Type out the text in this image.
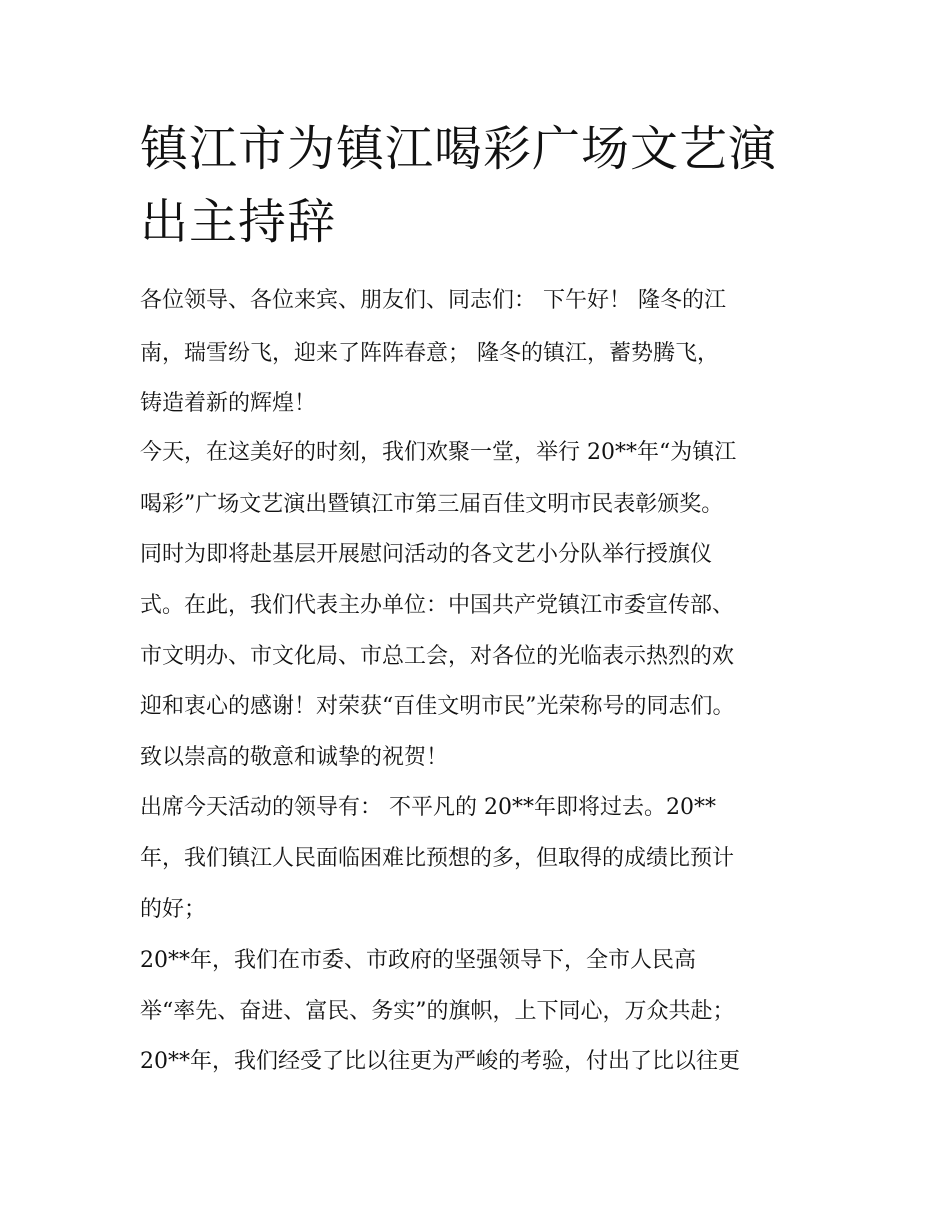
镇江市为镇江喝彩广场文艺演出主持辞

各位领导、各位来宾、朋友们、同志们： 下午好！ 隆冬的江

南，瑞雪纷飞，迎来了阵阵春意； 隆冬的镇江，蓄势腾飞，

铸造着新的辉煌！

今天，在这美好的时刻，我们欢聚一堂，举行 20**年“为镇江

喝彩”广场文艺演出暨镇江市第三届百佳文明市民表彰颁奖。

同时为即将赴基层开展慰问活动的各文艺小分队举行授旗仪

式。在此，我们代表主办单位：中国共产党镇江市委宣传部、

市文明办、市文化局、市总工会，对各位的光临表示热烈的欢

迎和衷心的感谢！对荣获“百佳文明市民”光荣称号的同志们。

致以崇高的敬意和诚挚的祝贺！

出席今天活动的领导有： 不平凡的 20**年即将过去。20**

年，我们镇江人民面临困难比预想的多，但取得的成绩比预计

的好；

20**年，我们在市委、市政府的坚强领导下，全市人民高

举“率先、奋进、富民、务实”的旗帜，上下同心，万众共赴；

20**年，我们经受了比以往更为严峻的考验，付出了比以往更
